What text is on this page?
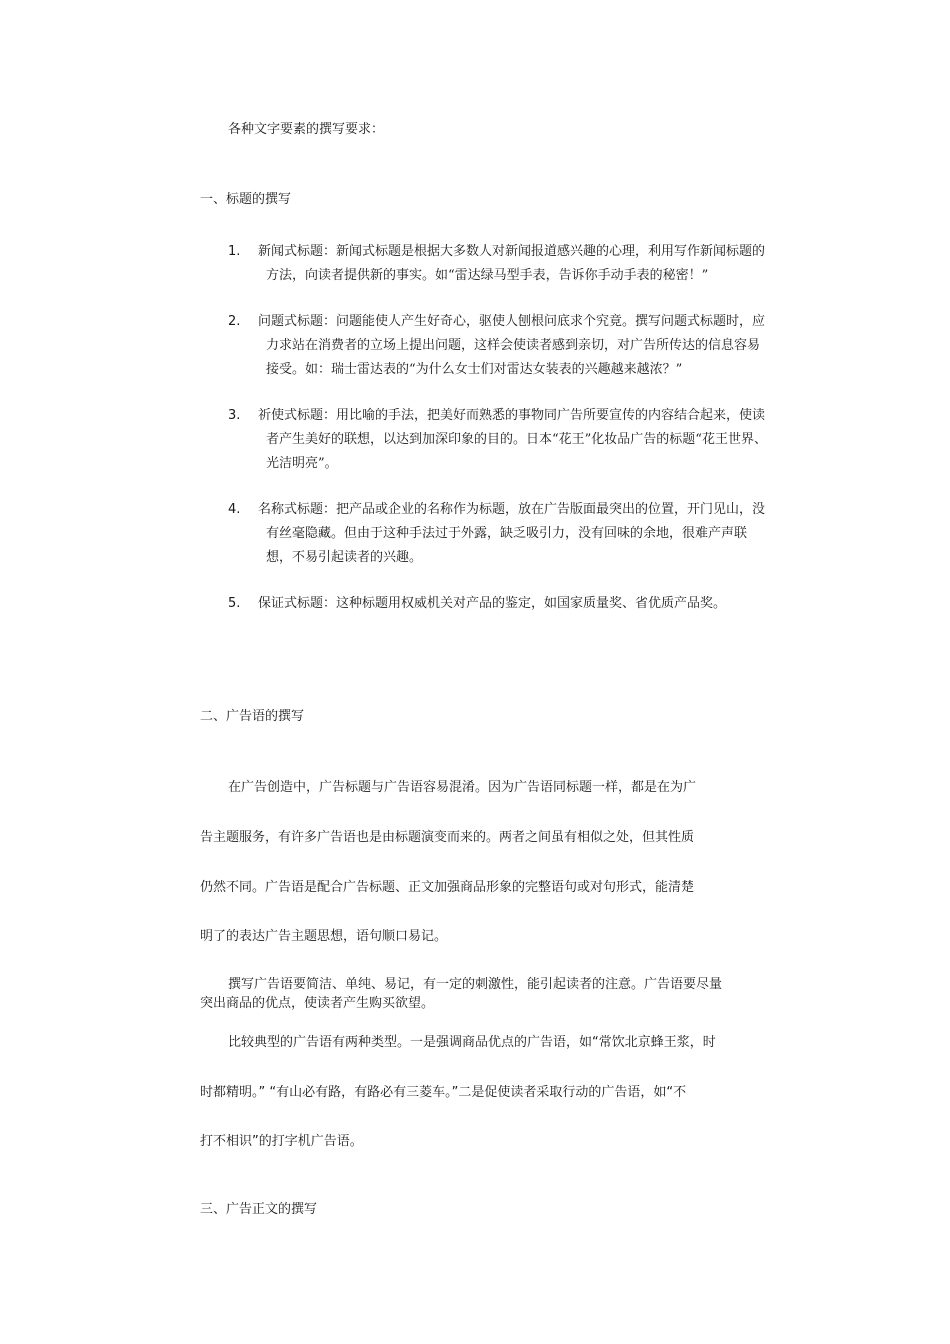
各种文字要素的撰写要求：

一、标题的撰写

1. 新闻式标题：新闻式标题是根据大多数人对新闻报道感兴趣的心理，利用写作新闻标题的方法，向读者提供新的事实。如“雷达绿马型手表，告诉你手动手表的秘密！”
2. 问题式标题：问题能使人产生好奇心，驱使人刨根问底求个究竟。撰写问题式标题时，应力求站在消费者的立场上提出问题，这样会使读者感到亲切，对广告所传达的信息容易接受。如：瑞士雷达表的“为什么女士们对雷达女装表的兴趣越来越浓？”
3. 祈使式标题：用比喻的手法，把美好而熟悉的事物同广告所要宣传的内容结合起来，使读者产生美好的联想，以达到加深印象的目的。日本“花王”化妆品广告的标题“花王世界、光洁明亮”。
4. 名称式标题：把产品或企业的名称作为标题，放在广告版面最突出的位置，开门见山，没有丝毫隐藏。但由于这种手法过于外露，缺乏吸引力，没有回味的余地，很难产声联想，不易引起读者的兴趣。
5. 保证式标题：这种标题用权威机关对产品的鉴定，如国家质量奖、省优质产品奖。

二、广告语的撰写

在广告创造中，广告标题与广告语容易混淆。因为广告语同标题一样，都是在为广

告主题服务，有许多广告语也是由标题演变而来的。两者之间虽有相似之处，但其性质

仍然不同。广告语是配合广告标题、正文加强商品形象的完整语句或对句形式，能清楚

明了的表达广告主题思想，语句顺口易记。

撰写广告语要简洁、单纯、易记，有一定的刺激性，能引起读者的注意。广告语要尽量

突出商品的优点，使读者产生购买欲望。

比较典型的广告语有两种类型。一是强调商品优点的广告语，如“常饮北京蜂王浆，时

时都精明。” “有山必有路，有路必有三菱车。”二是促使读者采取行动的广告语，如“不

打不相识”的打字机广告语。

三、广告正文的撰写
